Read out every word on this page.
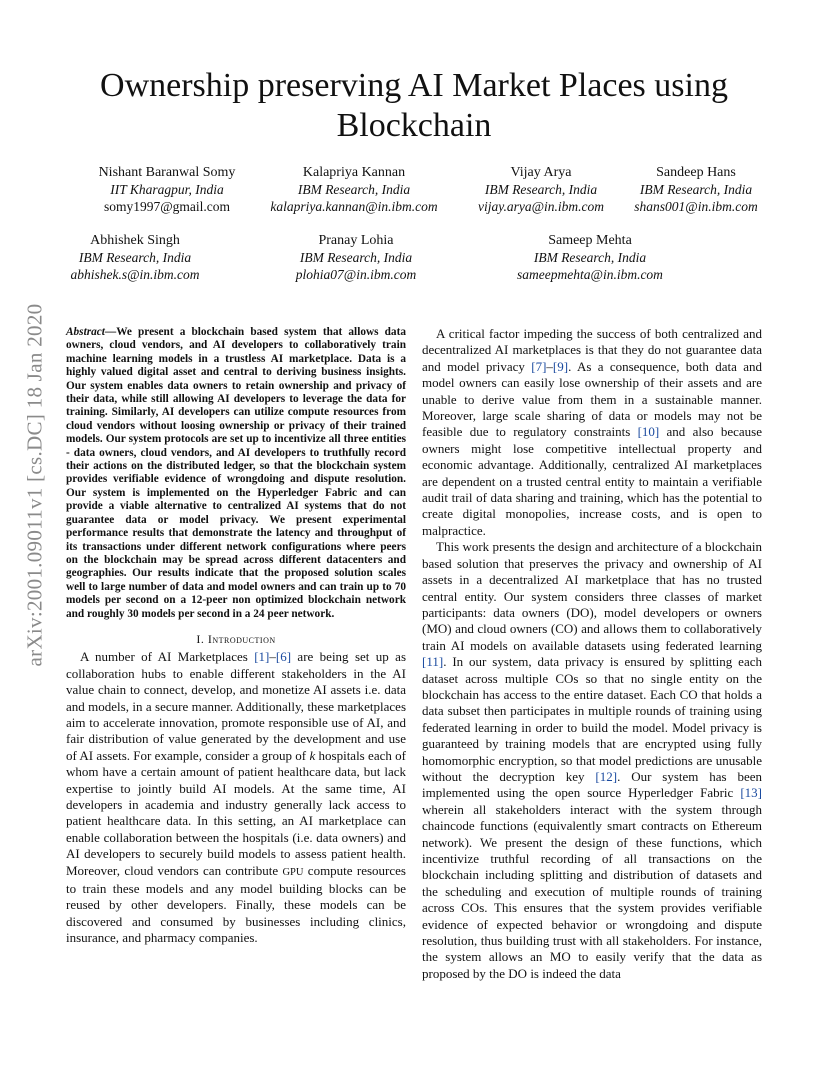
arXiv:2001.09011v1 [cs.DC] 18 Jan 2020
Ownership preserving AI Market Places using Blockchain
Nishant Baranwal Somy
IIT Kharagpur, India
somy1997@gmail.com
Kalapriya Kannan
IBM Research, India
kalapriya.kannan@in.ibm.com
Vijay Arya
IBM Research, India
vijay.arya@in.ibm.com
Sandeep Hans
IBM Research, India
shans001@in.ibm.com
Abhishek Singh
IBM Research, India
abhishek.s@in.ibm.com
Pranay Lohia
IBM Research, India
plohia07@in.ibm.com
Sameep Mehta
IBM Research, India
sameepmehta@in.ibm.com

Abstract—We present a blockchain based system that allows data owners, cloud vendors, and AI developers to collaboratively train machine learning models in a trustless AI marketplace. Data is a highly valued digital asset and central to deriving business insights. Our system enables data owners to retain ownership and privacy of their data, while still allowing AI developers to leverage the data for training. Similarly, AI developers can utilize compute resources from cloud vendors without loosing ownership or privacy of their trained models. Our system protocols are set up to incentivize all three entities - data owners, cloud vendors, and AI developers to truthfully record their actions on the distributed ledger, so that the blockchain system provides verifiable evidence of wrongdoing and dispute resolution. Our system is implemented on the Hyperledger Fabric and can provide a viable alternative to centralized AI systems that do not guarantee data or model privacy. We present experimental performance results that demonstrate the latency and throughput of its transactions under different network configurations where peers on the blockchain may be spread across different datacenters and geographies. Our results indicate that the proposed solution scales well to large number of data and model owners and can train up to 70 models per second on a 12-peer non optimized blockchain network and roughly 30 models per second in a 24 peer network.

I. Introduction

A number of AI Marketplaces [1]–[6] are being set up as collaboration hubs to enable different stakeholders in the AI value chain to connect, develop, and monetize AI assets i.e. data and models, in a secure manner. Additionally, these marketplaces aim to accelerate innovation, promote responsible use of AI, and fair distribution of value generated by the development and use of AI assets. For example, consider a group of k hospitals each of whom have a certain amount of patient healthcare data, but lack expertise to jointly build AI models. At the same time, AI developers in academia and industry generally lack access to patient healthcare data. In this setting, an AI marketplace can enable collaboration between the hospitals (i.e. data owners) and AI developers to securely build models to assess patient health. Moreover, cloud vendors can contribute GPU compute resources to train these models and any model building blocks can be reused by other developers. Finally, these models can be discovered and consumed by businesses including clinics, insurance, and pharmacy companies.

A critical factor impeding the success of both centralized and decentralized AI marketplaces is that they do not guarantee data and model privacy [7]–[9]. As a consequence, both data and model owners can easily lose ownership of their assets and are unable to derive value from them in a sustainable manner. Moreover, large scale sharing of data or models may not be feasible due to regulatory constraints [10] and also because owners might lose competitive intellectual property and economic advantage. Additionally, centralized AI marketplaces are dependent on a trusted central entity to maintain a verifiable audit trail of data sharing and training, which has the potential to create digital monopolies, increase costs, and is open to malpractice.

This work presents the design and architecture of a blockchain based solution that preserves the privacy and ownership of AI assets in a decentralized AI marketplace that has no trusted central entity. Our system considers three classes of market participants: data owners (DO), model developers or owners (MO) and cloud owners (CO) and allows them to collaboratively train AI models on available datasets using federated learning [11]. In our system, data privacy is ensured by splitting each dataset across multiple COs so that no single entity on the blockchain has access to the entire dataset. Each CO that holds a data subset then participates in multiple rounds of training using federated learning in order to build the model. Model privacy is guaranteed by training models that are encrypted using fully homomorphic encryption, so that model predictions are unusable without the decryption key [12]. Our system has been implemented using the open source Hyperledger Fabric [13] wherein all stakeholders interact with the system through chaincode functions (equivalently smart contracts on Ethereum network). We present the design of these functions, which incentivize truthful recording of all transactions on the blockchain including splitting and distribution of datasets and the scheduling and execution of multiple rounds of training across COs. This ensures that the system provides verifiable evidence of expected behavior or wrongdoing and dispute resolution, thus building trust with all stakeholders. For instance, the system allows an MO to easily verify that the data as proposed by the DO is indeed the data
